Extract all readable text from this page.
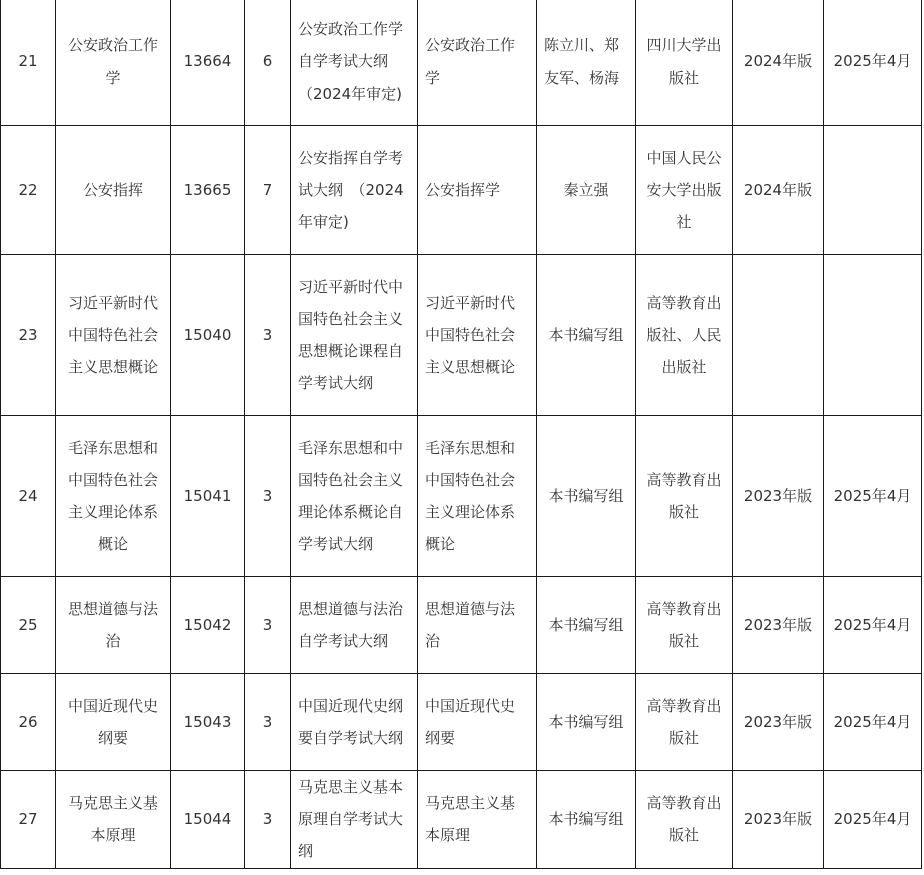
21	公安政治工作学	13664	6	公安政治工作学自学考试大纲（2024年审定)	公安政治工作学	陈立川、郑友军、杨海	四川大学出版社	2024年版	2025年4月
22	公安指挥	13665	7	公安指挥自学考试大纲　（2024年审定)	公安指挥学	秦立强	中国人民公安大学出版社	2024年版	
23	习近平新时代中国特色社会主义思想概论	15040	3	习近平新时代中国特色社会主义思想概论课程自学考试大纲	习近平新时代中国特色社会主义思想概论	本书编写组	高等教育出版社、人民出版社		
24	毛泽东思想和中国特色社会主义理论体系概论	15041	3	毛泽东思想和中国特色社会主义理论体系概论自学考试大纲	毛泽东思想和中国特色社会主义理论体系概论	本书编写组	高等教育出版社	2023年版	2025年4月
25	思想道德与法治	15042	3	思想道德与法治自学考试大纲	思想道德与法治	本书编写组	高等教育出版社	2023年版	2025年4月
26	中国近现代史纲要	15043	3	中国近现代史纲要自学考试大纲	中国近现代史纲要	本书编写组	高等教育出版社	2023年版	2025年4月
27	马克思主义基本原理	15044	3	马克思主义基本原理自学考试大纲	马克思主义基本原理	本书编写组	高等教育出版社	2023年版	2025年4月
